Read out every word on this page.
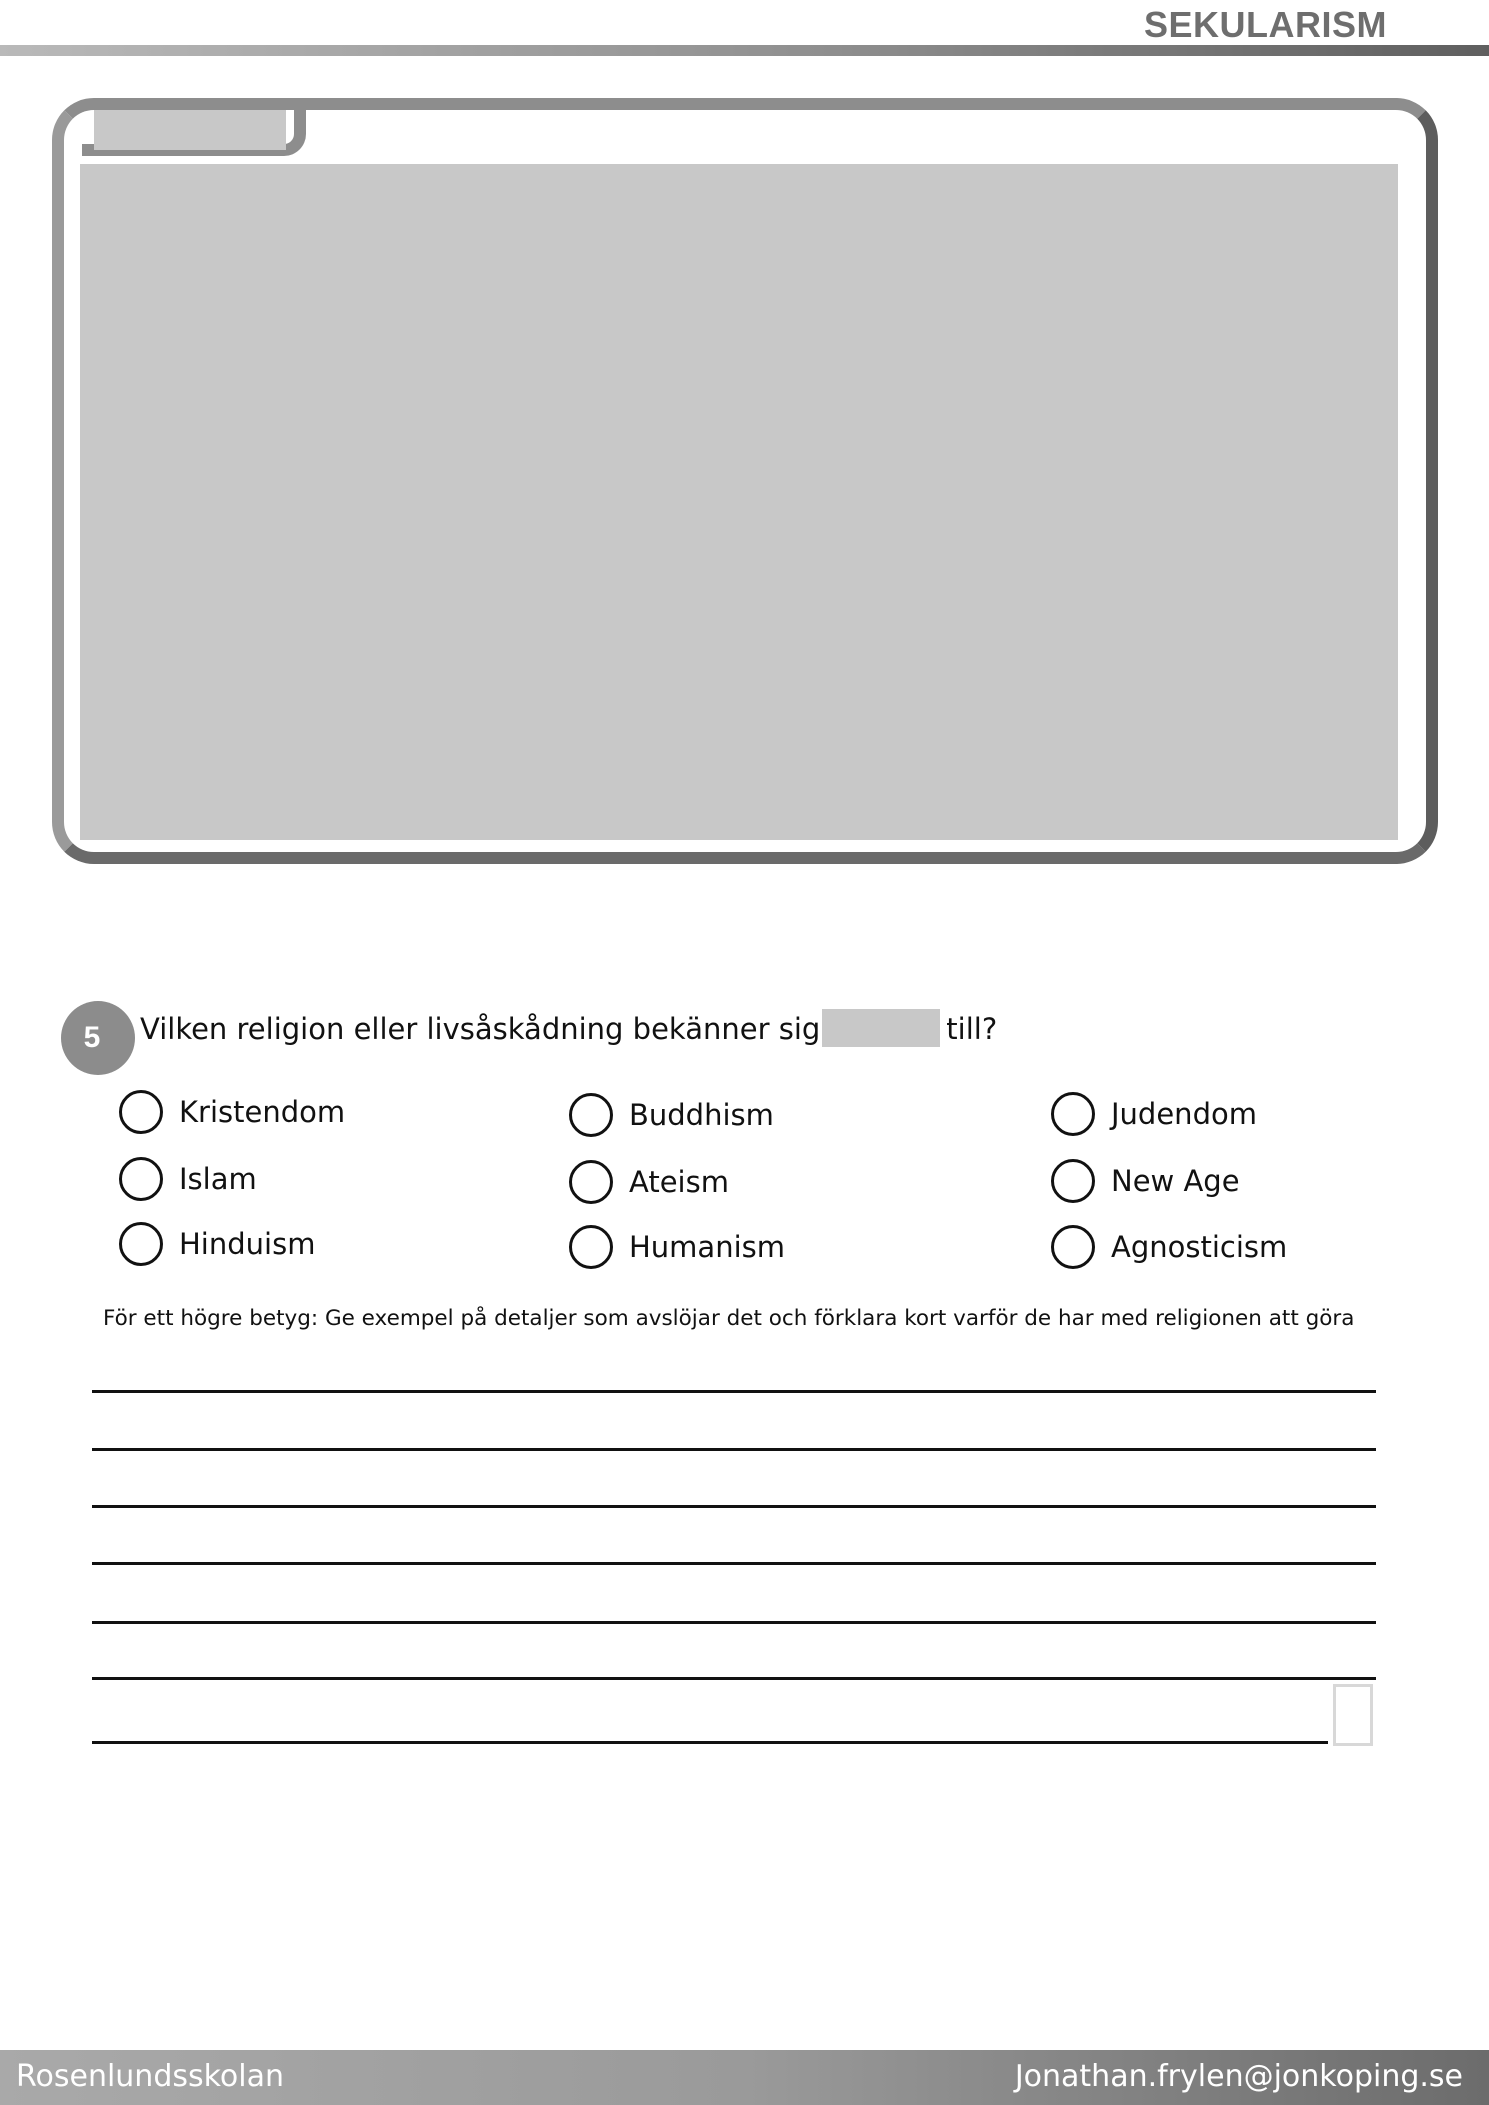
SEKULARISM
5 Vilken religion eller livsåskådning bekänner sig	till?
Kristendom	Buddhism	Judendom
Islam	Ateism	New Age
Hinduism	Humanism	Agnosticism
För ett högre betyg: Ge exempel på detaljer som avslöjar det och förklara kort varför de har med religionen att göra
Rosenlundsskolan	Jonathan.frylen@jonkoping.se
